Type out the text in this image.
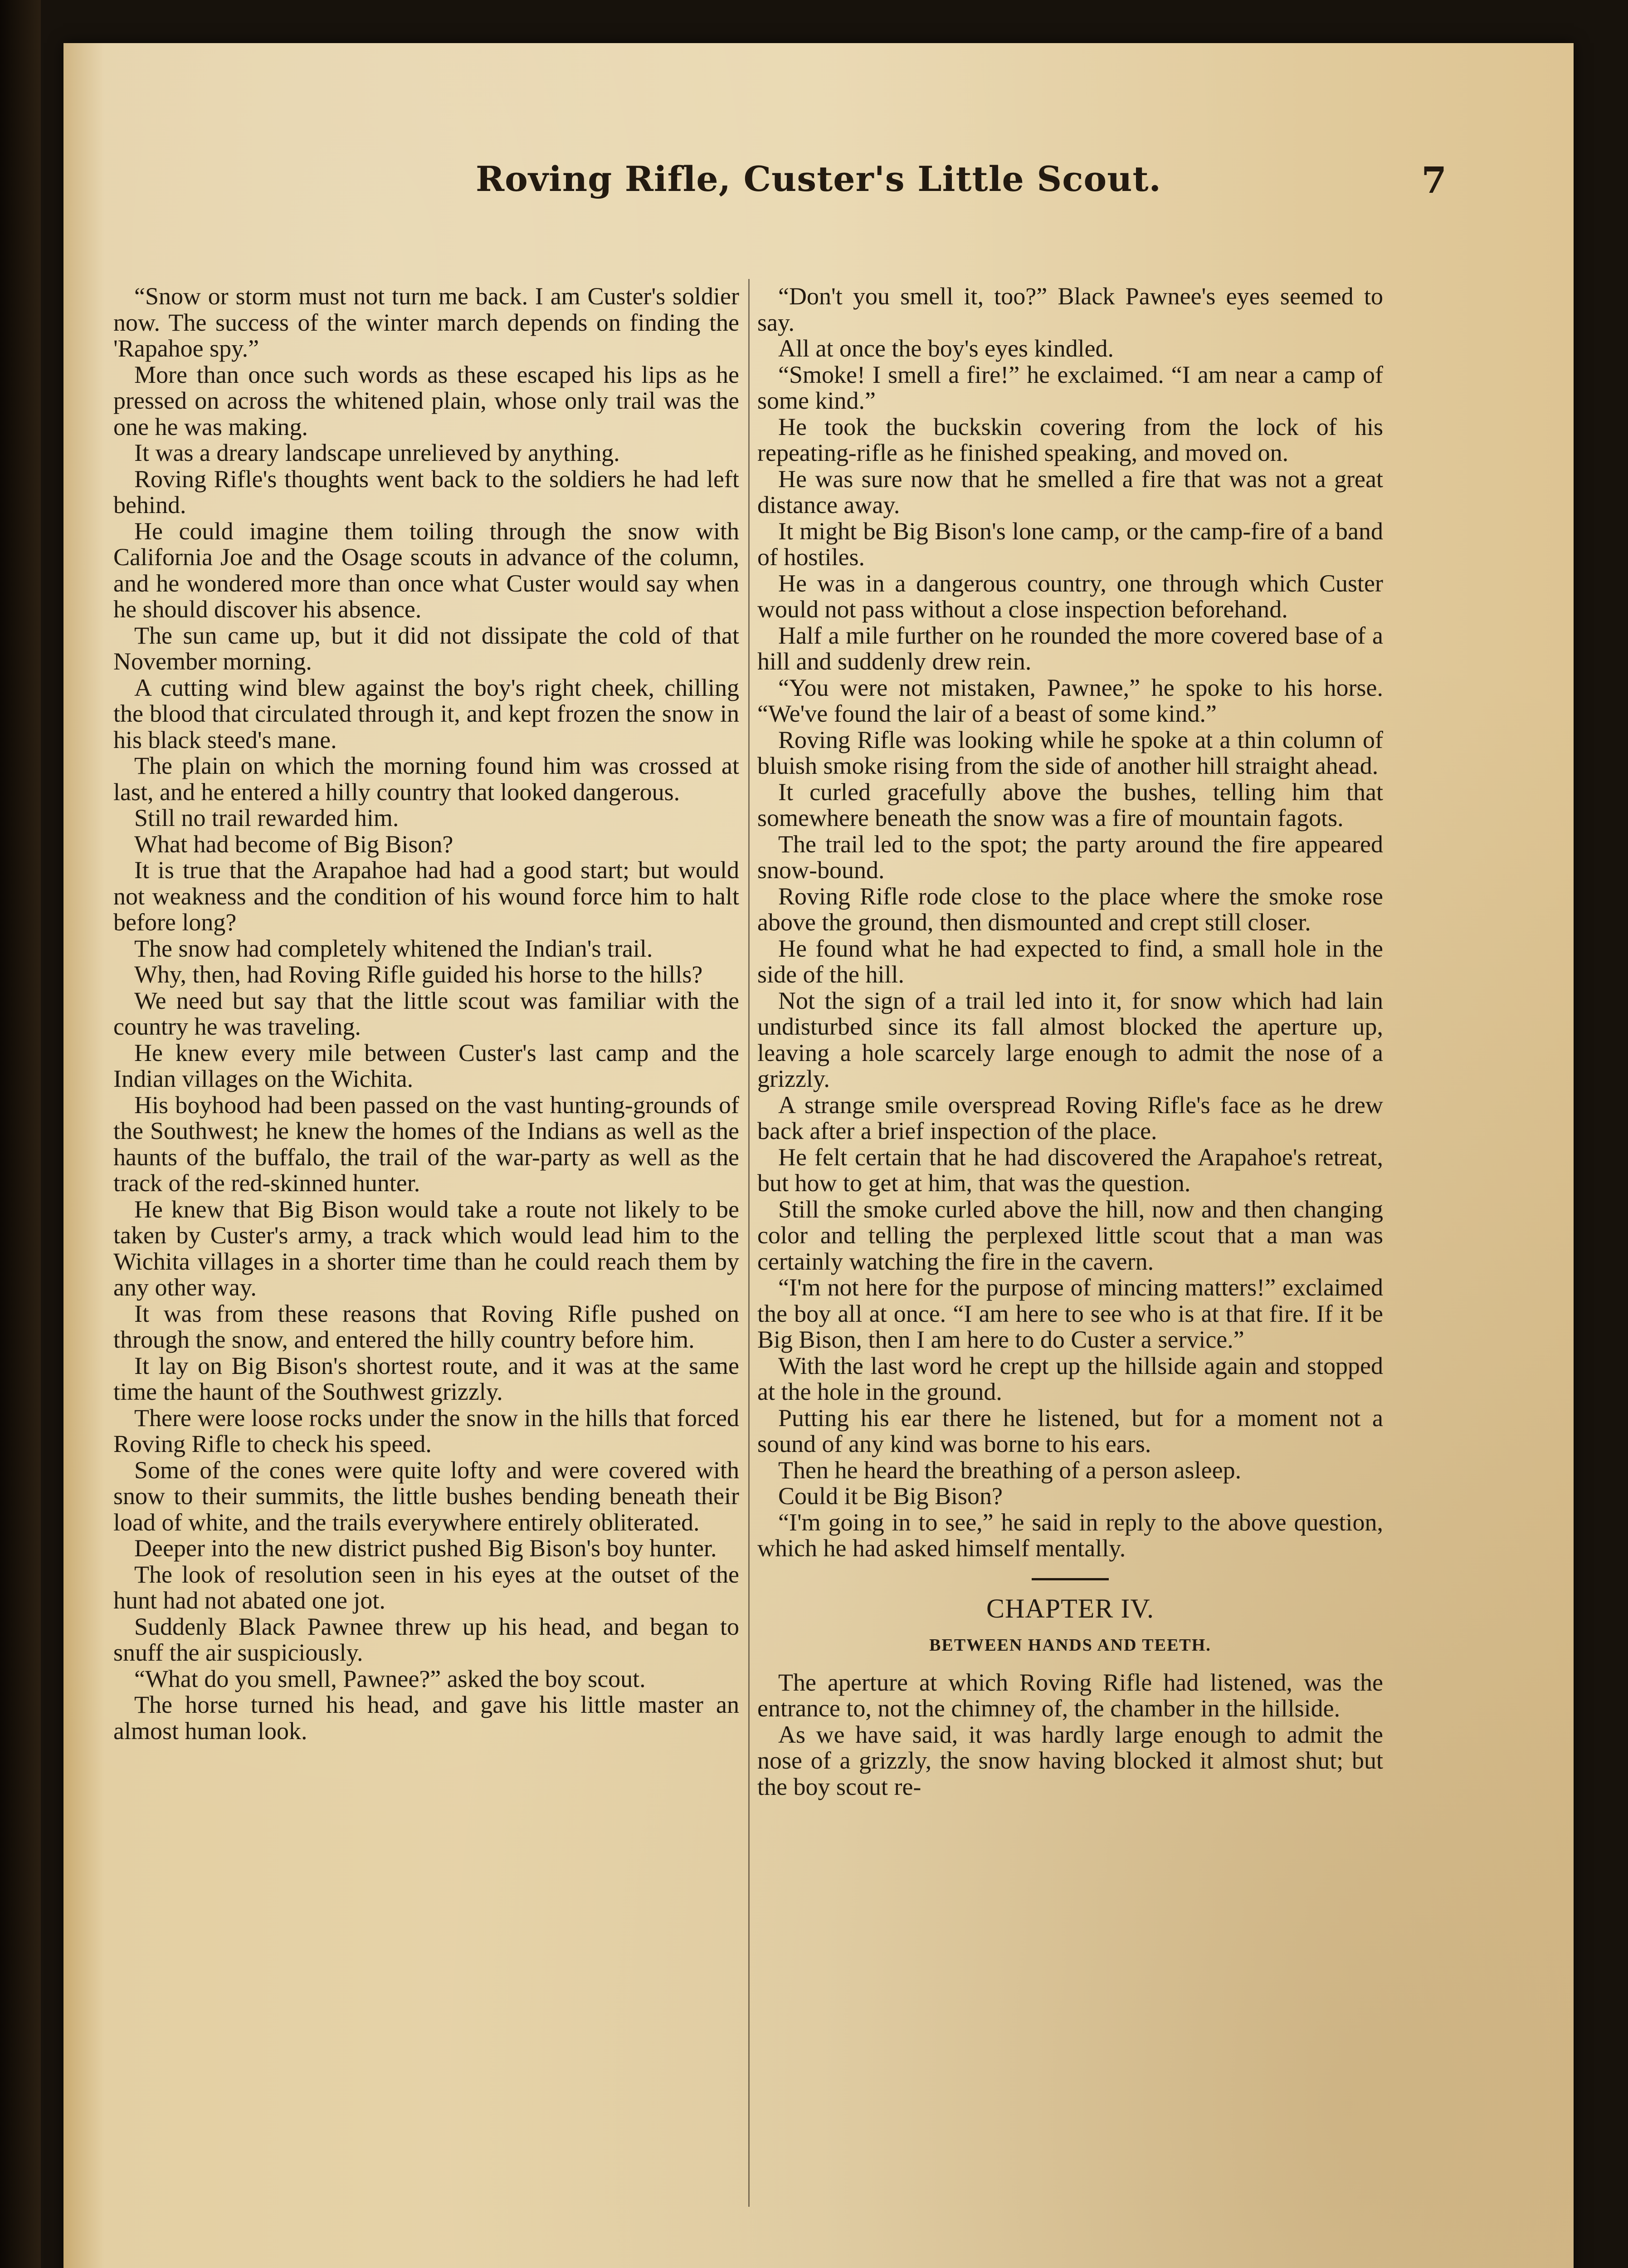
Roving Rifle, Custer's Little Scout.	7

“Snow or storm must not turn me back. I am Custer's soldier now. The success of the winter march depends on finding the 'Rapahoe spy.”

More than once such words as these escaped his lips as he pressed on across the whitened plain, whose only trail was the one he was making.

It was a dreary landscape unrelieved by anything.

Roving Rifle's thoughts went back to the soldiers he had left behind.

He could imagine them toiling through the snow with California Joe and the Osage scouts in advance of the column, and he wondered more than once what Custer would say when he should discover his absence.

The sun came up, but it did not dissipate the cold of that November morning.

A cutting wind blew against the boy's right cheek, chilling the blood that circulated through it, and kept frozen the snow in his black steed's mane.

The plain on which the morning found him was crossed at last, and he entered a hilly country that looked dangerous.

Still no trail rewarded him.

What had become of Big Bison?

It is true that the Arapahoe had had a good start; but would not weakness and the condition of his wound force him to halt before long?

The snow had completely whitened the Indian's trail.

Why, then, had Roving Rifle guided his horse to the hills?

We need but say that the little scout was familiar with the country he was traveling.

He knew every mile between Custer's last camp and the Indian villages on the Wichita.

His boyhood had been passed on the vast hunting-grounds of the Southwest; he knew the homes of the Indians as well as the haunts of the buffalo, the trail of the war-party as well as the track of the red-skinned hunter.

He knew that Big Bison would take a route not likely to be taken by Custer's army, a track which would lead him to the Wichita villages in a shorter time than he could reach them by any other way.

It was from these reasons that Roving Rifle pushed on through the snow, and entered the hilly country before him.

It lay on Big Bison's shortest route, and it was at the same time the haunt of the Southwest grizzly.

There were loose rocks under the snow in the hills that forced Roving Rifle to check his speed.

Some of the cones were quite lofty and were covered with snow to their summits, the little bushes bending beneath their load of white, and the trails everywhere entirely obliterated.

Deeper into the new district pushed Big Bison's boy hunter.

The look of resolution seen in his eyes at the outset of the hunt had not abated one jot.

Suddenly Black Pawnee threw up his head, and began to snuff the air suspiciously.

“What do you smell, Pawnee?” asked the boy scout.

The horse turned his head, and gave his little master an almost human look.

“Don't you smell it, too?” Black Pawnee's eyes seemed to say.

All at once the boy's eyes kindled.

“Smoke! I smell a fire!” he exclaimed. “I am near a camp of some kind.”

He took the buckskin covering from the lock of his repeating-rifle as he finished speaking, and moved on.

He was sure now that he smelled a fire that was not a great distance away.

It might be Big Bison's lone camp, or the camp-fire of a band of hostiles.

He was in a dangerous country, one through which Custer would not pass without a close inspection beforehand.

Half a mile further on he rounded the more covered base of a hill and suddenly drew rein.

“You were not mistaken, Pawnee,” he spoke to his horse. “We've found the lair of a beast of some kind.”

Roving Rifle was looking while he spoke at a thin column of bluish smoke rising from the side of another hill straight ahead.

It curled gracefully above the bushes, telling him that somewhere beneath the snow was a fire of mountain fagots.

The trail led to the spot; the party around the fire appeared snow-bound.

Roving Rifle rode close to the place where the smoke rose above the ground, then dismounted and crept still closer.

He found what he had expected to find, a small hole in the side of the hill.

Not the sign of a trail led into it, for snow which had lain undisturbed since its fall almost blocked the aperture up, leaving a hole scarcely large enough to admit the nose of a grizzly.

A strange smile overspread Roving Rifle's face as he drew back after a brief inspection of the place.

He felt certain that he had discovered the Arapahoe's retreat, but how to get at him, that was the question.

Still the smoke curled above the hill, now and then changing color and telling the perplexed little scout that a man was certainly watching the fire in the cavern.

“I'm not here for the purpose of mincing matters!” exclaimed the boy all at once. “I am here to see who is at that fire. If it be Big Bison, then I am here to do Custer a service.”

With the last word he crept up the hillside again and stopped at the hole in the ground.

Putting his ear there he listened, but for a moment not a sound of any kind was borne to his ears.

Then he heard the breathing of a person asleep.

Could it be Big Bison?

“I'm going in to see,” he said in reply to the above question, which he had asked himself mentally.

CHAPTER IV.
BETWEEN HANDS AND TEETH.

The aperture at which Roving Rifle had listened, was the entrance to, not the chimney of, the chamber in the hillside.

As we have said, it was hardly large enough to admit the nose of a grizzly, the snow having blocked it almost shut; but the boy scout re-
